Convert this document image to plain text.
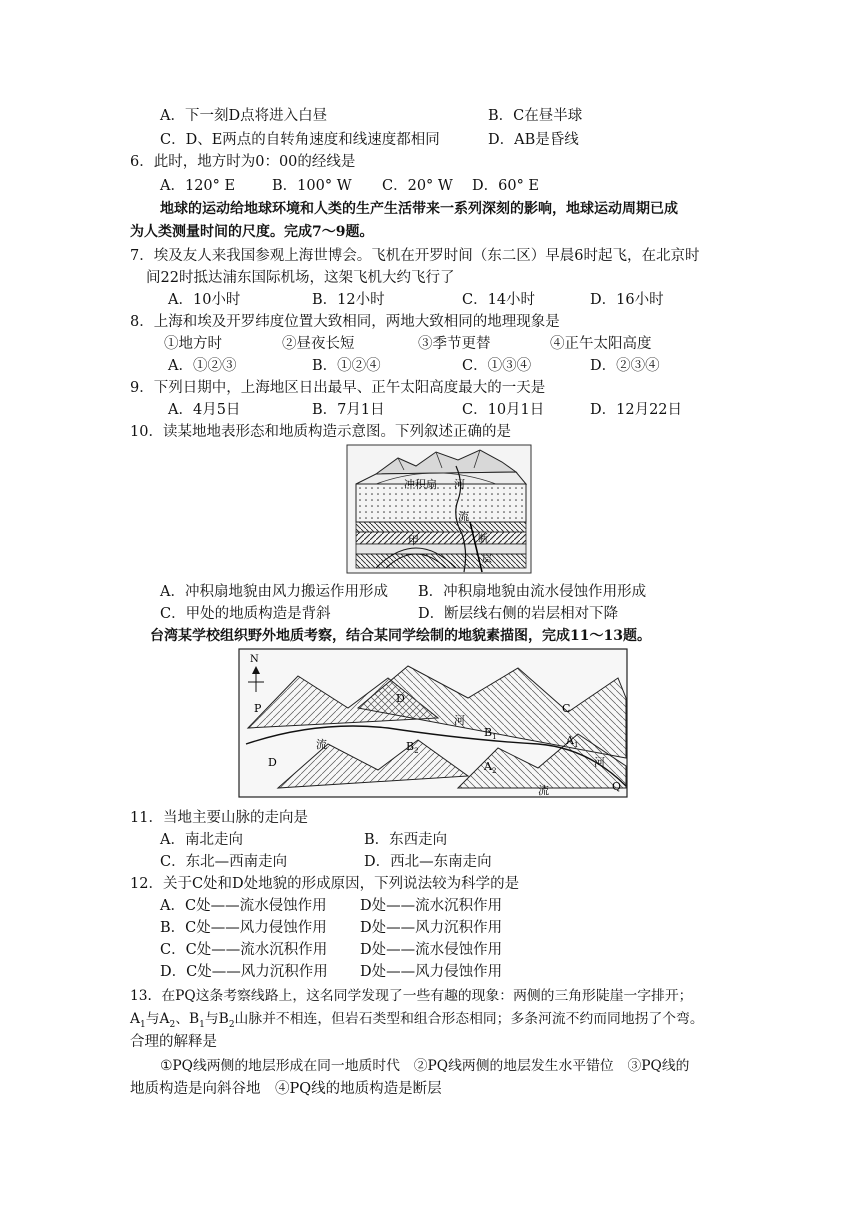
A．下一刻D点将进入白昼	B．C在昼半球
C．D、E两点的自转角速度和线速度都相同	D．AB是昏线
6．此时，地方时为0：00的经线是
A．120° E	B．100° W C．20° W D．60° E
地球的运动给地球环境和人类的生产生活带来一系列深刻的影响，地球运动周期已成
为人类测量时间的尺度。完成7～9题。
7．埃及友人来我国参观上海世博会。飞机在开罗时间（东二区）早晨6时起飞，在北京时
间22时抵达浦东国际机场，这架飞机大约飞行了
A．10小时	B．12小时	C．14小时	D．16小时
8．上海和埃及开罗纬度位置大致相同，两地大致相同的地理现象是
①地方时	②昼夜长短	③季节更替	④正午太阳高度
A．①②③	B．①②④	C．①③④	D．②③④
9．下列日期中，上海地区日出最早、正午太阳高度最大的一天是
A．4月5日	B．7月1日	C．10月1日	D．12月22日
10．读某地地表形态和地质构造示意图。下列叙述正确的是
冲积扇 河
流
甲	断
层
A．冲积扇地貌由风力搬运作用形成 B．冲积扇地貌由流水侵蚀作用形成
C．甲处的地质构造是背斜	D．断层线右侧的岩层相对下降
台湾某学校组织野外地质考察，结合某同学绘制的地貌素描图，完成11～13题。
N
P
Q
C
D
D
$B_1$
$B_2$
$A_1$
$A_2$
河
流
河
流
11．当地主要山脉的走向是
A．南北走向	B．东西走向
C．东北—西南走向	D．西北—东南走向
12．关于C处和D处地貌的形成原因，下列说法较为科学的是
A．C处——流水侵蚀作用 D处——流水沉积作用
B．C处——风力侵蚀作用 D处——风力沉积作用
C．C处——流水沉积作用 D处——流水侵蚀作用
D．C处——风力沉积作用 D处——风力侵蚀作用
13．在PQ这条考察线路上，这名同学发现了一些有趣的现象：两侧的三角形陡崖一字排开；
$A_1$与$A_2$、$B_1$与$B_2$山脉并不相连，但岩石类型和组合形态相同；多条河流不约而同地拐了个弯。
合理的解释是
①PQ线两侧的地层形成在同一地质时代　②PQ线两侧的地层发生水平错位　③PQ线的
地质构造是向斜谷地　④PQ线的地质构造是断层
